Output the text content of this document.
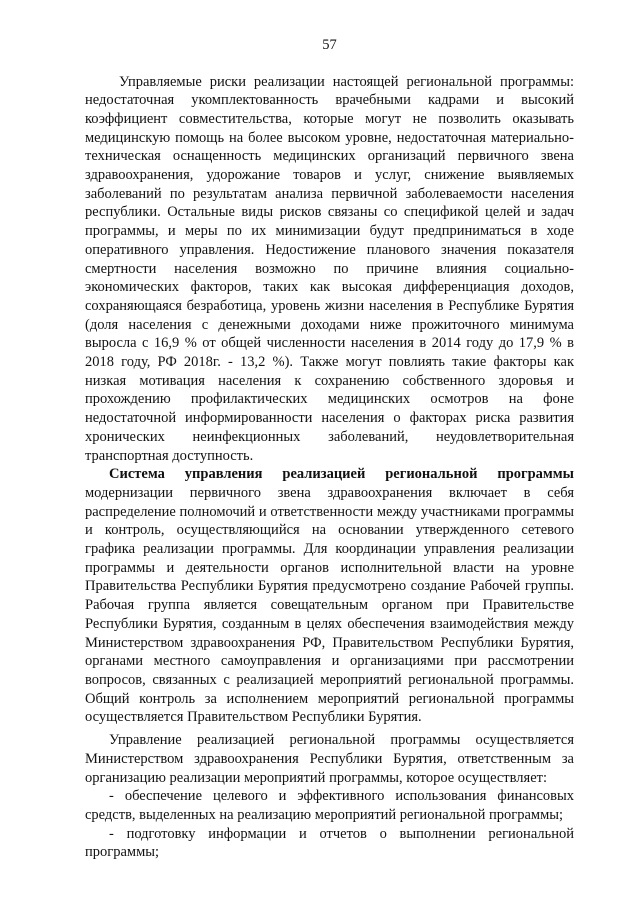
57

Управляемые риски реализации настоящей региональной программы: недостаточная укомплектованность врачебными кадрами и высокий коэффициент совместительства, которые могут не позволить оказывать медицинскую помощь на более высоком уровне, недостаточная материально-техническая оснащенность медицинских организаций первичного звена здравоохранения, удорожание товаров и услуг, снижение выявляемых заболеваний по результатам анализа первичной заболеваемости населения республики. Остальные виды рисков связаны со спецификой целей и задач программы, и меры по их минимизации будут предприниматься в ходе оперативного управления. Недостижение планового значения показателя смертности населения возможно по причине влияния социально-экономических факторов, таких как высокая дифференциация доходов, сохраняющаяся безработица, уровень жизни населения в Республике Бурятия (доля населения с денежными доходами ниже прожиточного минимума выросла с 16,9 % от общей численности населения в 2014 году до 17,9 % в 2018 году, РФ 2018г. - 13,2 %). Также могут повлиять такие факторы как низкая мотивация населения к сохранению собственного здоровья и прохождению профилактических медицинских осмотров на фоне недостаточной информированности населения о факторах риска развития хронических неинфекционных заболеваний, неудовлетворительная транспортная доступность.

Система управления реализацией региональной программы модернизации первичного звена здравоохранения включает в себя распределение полномочий и ответственности между участниками программы и контроль, осуществляющийся на основании утвержденного сетевого графика реализации программы. Для координации управления реализации программы и деятельности органов исполнительной власти на уровне Правительства Республики Бурятия предусмотрено создание Рабочей группы. Рабочая группа является совещательным органом при Правительстве Республики Бурятия, созданным в целях обеспечения взаимодействия между Министерством здравоохранения РФ, Правительством Республики Бурятия, органами местного самоуправления и организациями при рассмотрении вопросов, связанных с реализацией мероприятий региональной программы. Общий контроль за исполнением мероприятий региональной программы осуществляется Правительством Республики Бурятия.

Управление реализацией региональной программы осуществляется Министерством здравоохранения Республики Бурятия, ответственным за организацию реализации мероприятий программы, которое осуществляет:

- обеспечение целевого и эффективного использования финансовых средств, выделенных на реализацию мероприятий региональной программы;

- подготовку информации и отчетов о выполнении региональной программы;
